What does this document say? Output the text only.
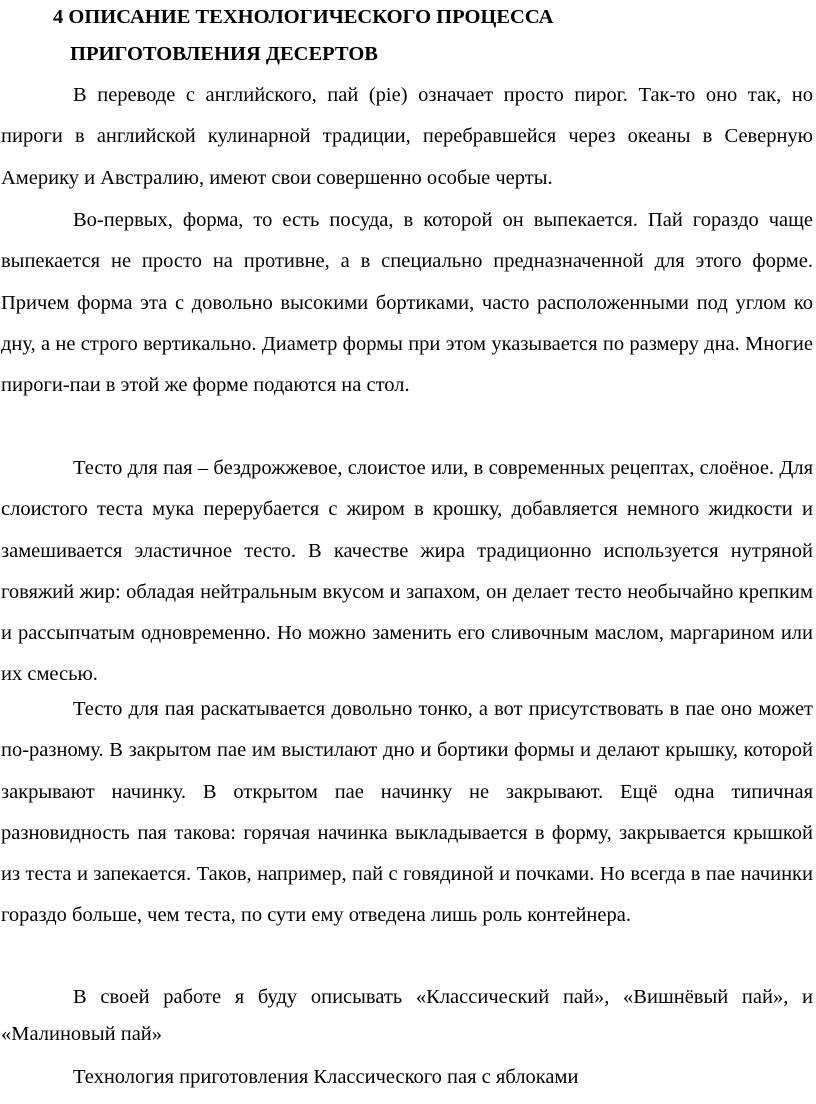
4 ОПИСАНИЕ ТЕХНОЛОГИЧЕСКОГО ПРОЦЕССА
ПРИГОТОВЛЕНИЯ ДЕСЕРТОВ

В переводе с английского, пай (pie) означает просто пирог. Так-то оно так, но пироги в английской кулинарной традиции, перебравшейся через океаны в Северную Америку и Австралию, имеют свои совершенно особые черты.

Во-первых, форма, то есть посуда, в которой он выпекается. Пай гораздо чаще выпекается не просто на противне, а в специально предназначенной для этого форме. Причем форма эта с довольно высокими бортиками, часто расположенными под углом ко дну, а не строго вертикально. Диаметр формы при этом указывается по размеру дна. Многие пироги-паи в этой же форме подаются на стол.

Тесто для пая – бездрожжевое, слоистое или, в современных рецептах, слоёное. Для слоистого теста мука перерубается с жиром в крошку, добавляется немного жидкости и замешивается эластичное тесто. В качестве жира традиционно используется нутряной говяжий жир: обладая нейтральным вкусом и запахом, он делает тесто необычайно крепким и рассыпчатым одновременно. Но можно заменить его сливочным маслом, маргарином или их смесью.

Тесто для пая раскатывается довольно тонко, а вот присутствовать в пае оно может по-разному. В закрытом пае им выстилают дно и бортики формы и делают крышку, которой закрывают начинку. В открытом пае начинку не закрывают. Ещё одна типичная разновидность пая такова: горячая начинка выкладывается в форму, закрывается крышкой из теста и запекается. Таков, например, пай с говядиной и почками. Но всегда в пае начинки гораздо больше, чем теста, по сути ему отведена лишь роль контейнера.

В своей работе я буду описывать «Классический пай», «Вишнёвый пай», и «Малиновый пай»

Технология приготовления Классического пая с яблоками
